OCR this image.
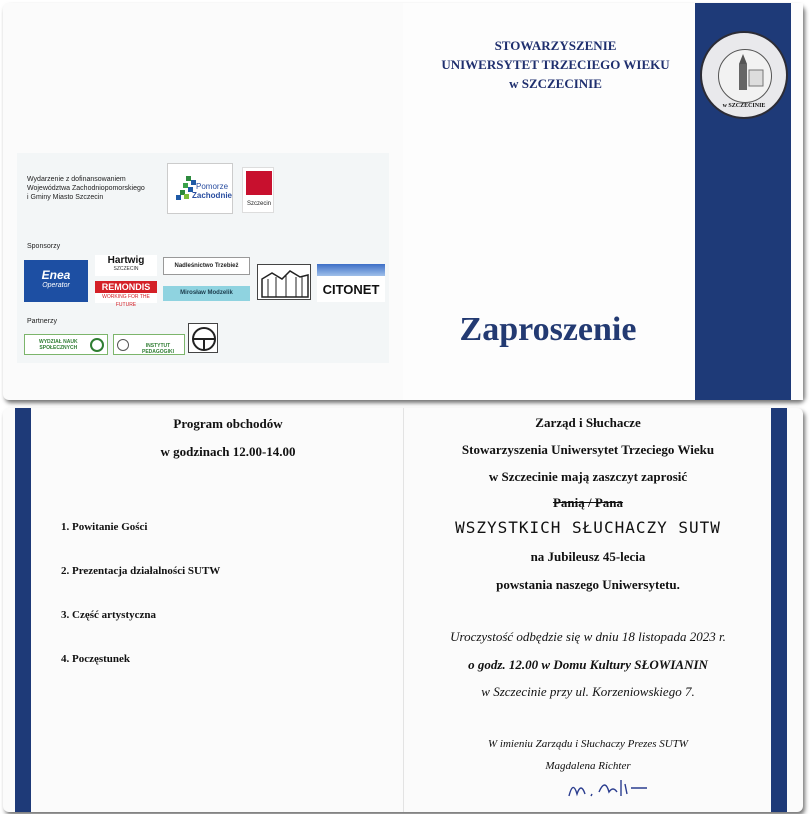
Wydarzenie z dofinansowaniem
Województwa Zachodniopomorskiego
i Gminy Miasto Szczecin
Pomorze
Zachodnie
Szczecin
Sponsorzy
Enea
Operator
Hartwig
SZCZECIN
REMONDIS
WORKING FOR THE FUTURE
Nadleśnictwo Trzebież
Mirosław Modzelik	CITONET
Partnerzy
WYDZIAŁ NAUK
SPOŁECZNYCH	INSTYTUT PEDAGOGIKI
STOWARZYSZENIE
UNIWERSYTET TRZECIEGO WIEKU
w SZCZECINIE
w SZCZECINIE
Zaproszenie
Program obchodów
w godzinach 12.00-14.00
1. Powitanie Gości
2. Prezentacja działalności SUTW
3. Część artystyczna
4. Poczęstunek
Zarząd i Słuchacze
Stowarzyszenia Uniwersytet Trzeciego Wieku
w Szczecinie mają zaszczyt zaprosić
Panią / Pana
WSZYSTKICH SŁUCHACZY SUTW
na Jubileusz 45-lecia
powstania naszego Uniwersytetu.
Uroczystość odbędzie się w dniu 18 listopada 2023 r.
o godz. 12.00 w Domu Kultury SŁOWIANIN
w Szczecinie przy ul. Korzeniowskiego 7.
W imieniu Zarządu i Słuchaczy Prezes SUTW
Magdalena Richter
